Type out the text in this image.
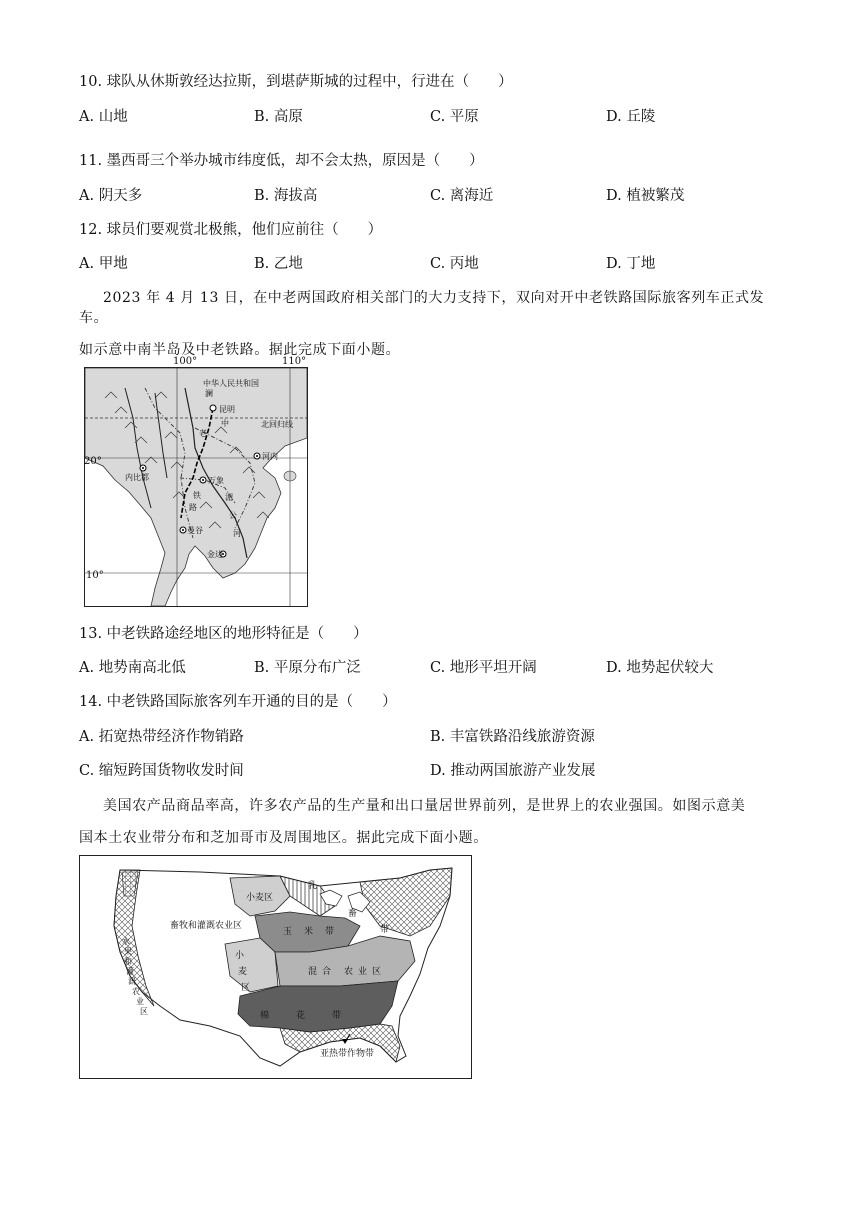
10. 球队从休斯敦经达拉斯，到堪萨斯城的过程中，行进在（　　）
A. 山地	B. 高原	C. 平原	D. 丘陵
11. 墨西哥三个举办城市纬度低，却不会太热，原因是（　　）
A. 阴天多	B. 海拔高	C. 离海近	D. 植被繁茂
12. 球员们要观赏北极熊，他们应前往（　　）
A. 甲地	B. 乙地	C. 丙地	D. 丁地
2023 年 4 月 13 日，在中老两国政府相关部门的大力支持下，双向对开中老铁路国际旅客列车正式发车。
如示意中南半岛及中老铁路。据此完成下面小题。
100°	110°
中华人民共和国
昆明
北回归线
河内
内比都	万象
曼谷
金边
澜
老
中
铁
路
湄
公
河
20°
10°
13. 中老铁路途经地区的地形特征是（　　）
A. 地势南高北低	B. 平原分布广泛	C. 地形平坦开阔	D. 地势起伏较大
14. 中老铁路国际旅客列车开通的目的是（　　）
A. 拓宽热带经济作物销路	B. 丰富铁路沿线旅游资源
C. 缩短跨国货物收发时间	D. 推动两国旅游产业发展
美国农产品商品率高，许多农产品的生产量和出口量居世界前列，是世界上的农业强国。如图示意美
国本土农业带分布和芝加哥市及周围地区。据此完成下面小题。
小麦区
畜牧和灌溉农业区
玉 米 带
小
麦
区
混 合 农 业 区
棉	花	带
乳
畜
带
亚热带作物带
水
果
和
灌
溉
农
业
区
